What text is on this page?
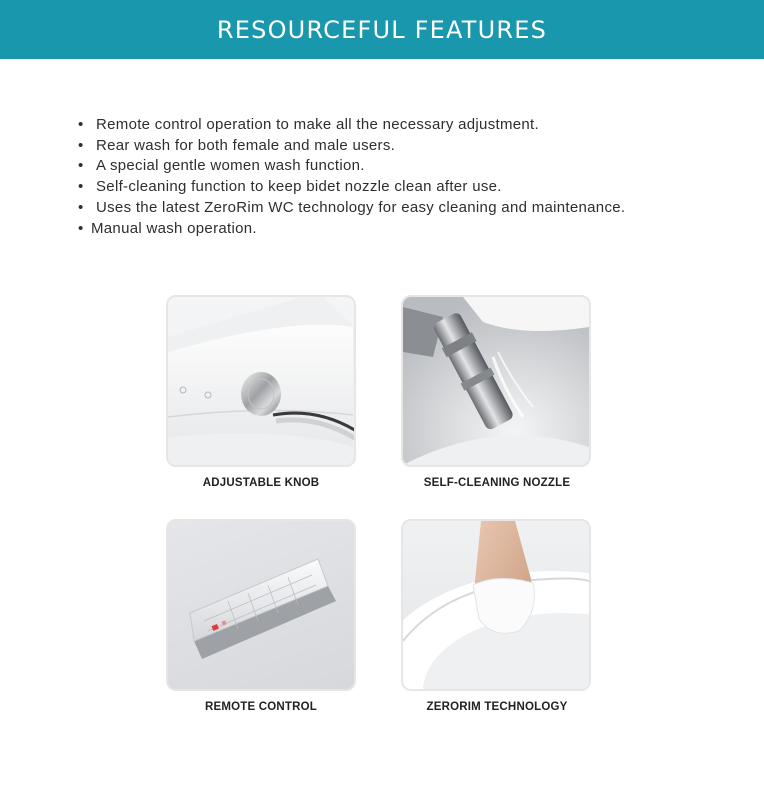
RESOURCEFUL FEATURES
• Remote control operation to make all the necessary adjustment.
• Rear wash for both female and male users.
• A special gentle women wash function.
• Self-cleaning function to keep bidet nozzle clean after use.
• Uses the latest ZeroRim WC technology for easy cleaning and maintenance.
• Manual wash operation.
ADJUSTABLE KNOB	SELF-CLEANING NOZZLE
REMOTE CONTROL	ZERORIM TECHNOLOGY
